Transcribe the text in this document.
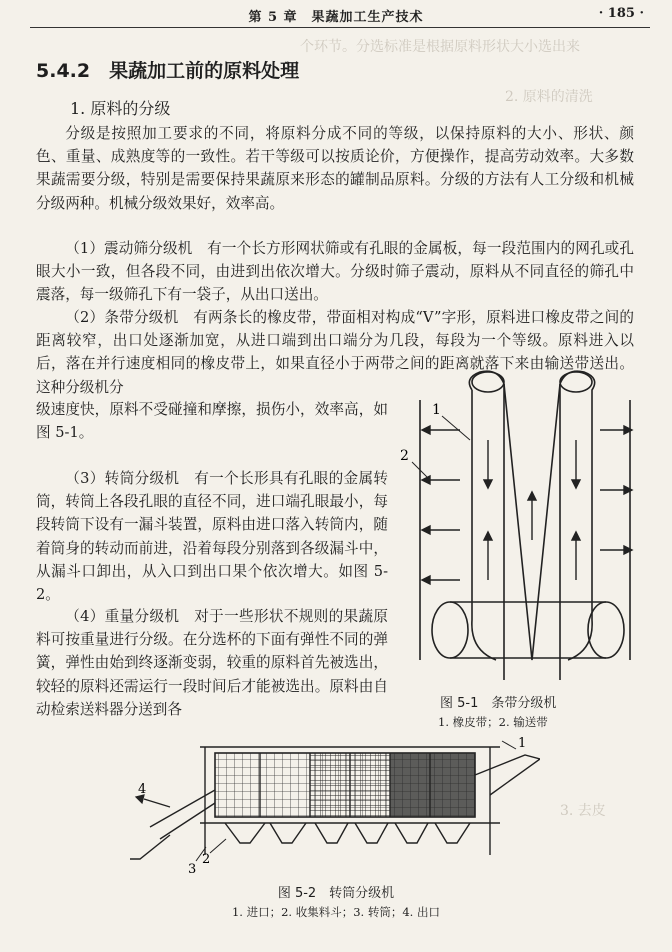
个环节。分选标准是根据原料形状大小选出来
2. 原料的清洗
3. 去皮
第 5 章　果蔬加工生产技术	· 185 ·
5.4.2　果蔬加工前的原料处理
1. 原料的分级

分级是按照加工要求的不同，将原料分成不同的等级，以保持原料的大小、形状、颜色、重量、成熟度等的一致性。若干等级可以按质论价，方便操作，提高劳动效率。大多数果蔬需要分级，特别是需要保持果蔬原来形态的罐制品原料。分级的方法有人工分级和机械分级两种。机械分级效果好，效率高。

（1）震动筛分级机　有一个长方形网状筛或有孔眼的金属板，每一段范围内的网孔或孔眼大小一致，但各段不同，由进到出依次增大。分级时筛子震动，原料从不同直径的筛孔中震落，每一级筛孔下有一袋子，从出口送出。

（2）条带分级机　有两条长的橡皮带，带面相对构成“V”字形，原料进口橡皮带之间的距离较窄，出口处逐渐加宽，从进口端到出口端分为几段，每段为一个等级。原料进入以后，落在并行速度相同的橡皮带上，如果直径小于两带之间的距离就落下来由输送带送出。这种分级机分

级速度快，原料不受碰撞和摩擦，损伤小，效率高，如图 5-1。

（3）转筒分级机　有一个长形具有孔眼的金属转筒，转筒上各段孔眼的直径不同，进口端孔眼最小，每段转筒下设有一漏斗装置，原料由进口落入转筒内，随着筒身的转动而前进，沿着每段分别落到各级漏斗中，从漏斗口卸出，从入口到出口果个依次增大。如图 5-2。

（4）重量分级机　对于一些形状不规则的果蔬原料可按重量进行分级。在分选杯的下面有弹性不同的弹簧，弹性由始到终逐渐变弱，较重的原料首先被选出，较轻的原料还需运行一段时间后才能被选出。原料由自动检索送料器分送到各

1
2
图 5-1　条带分级机
1. 橡皮带；2. 输送带
1
2
3
4
图 5-2　转筒分级机
1. 进口；2. 收集料斗；3. 转筒；4. 出口
